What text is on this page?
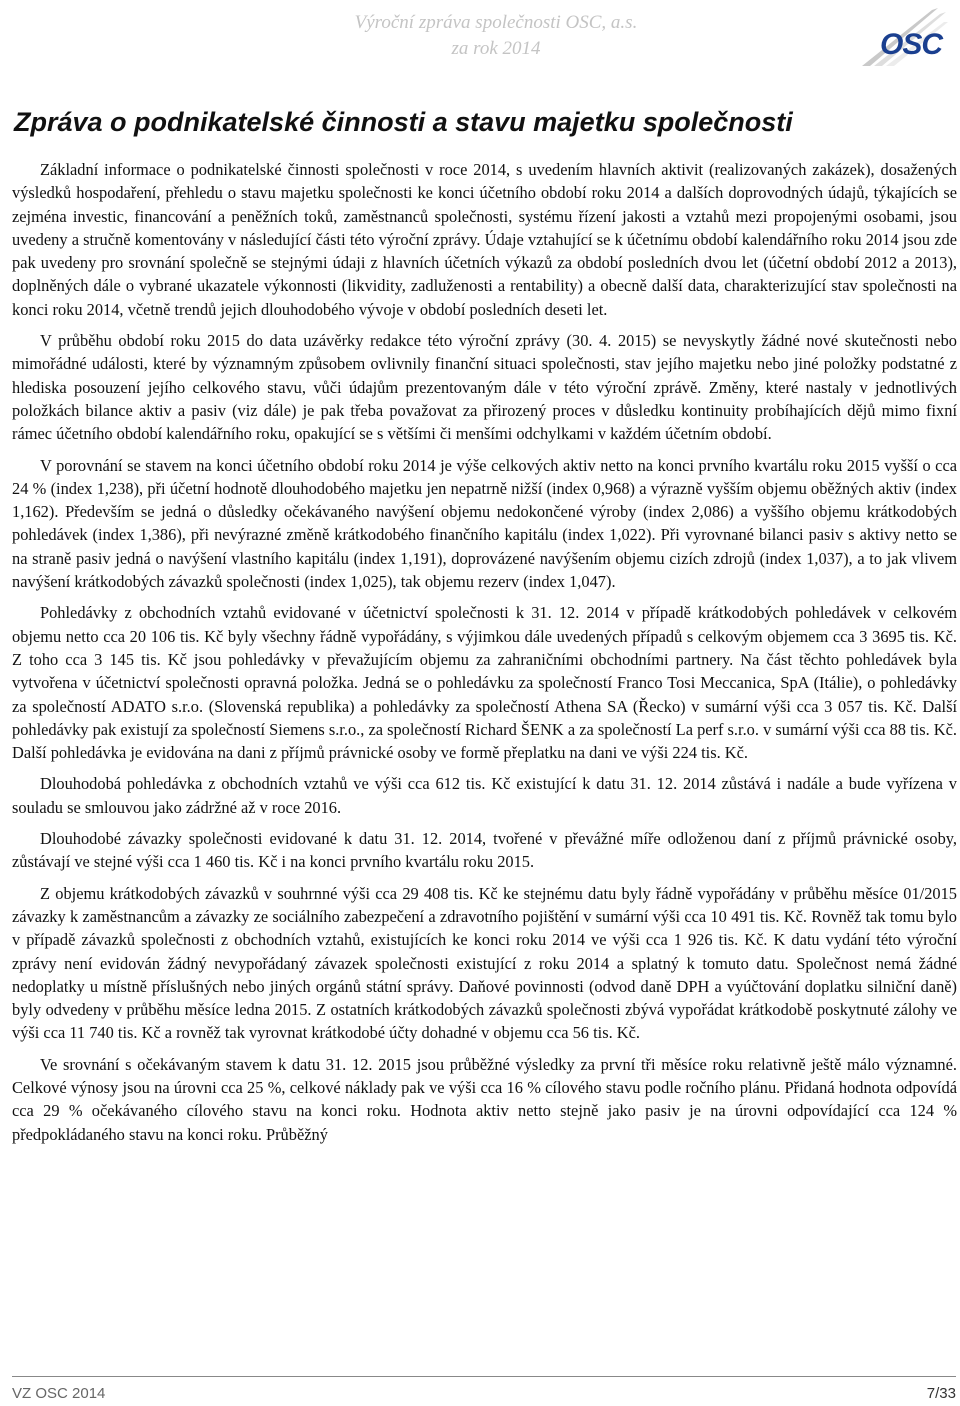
Výroční zpráva společnosti OSC, a.s.
za rok 2014	OSC
Zpráva o podnikatelské činnosti a stavu majetku společnosti

Základní informace o podnikatelské činnosti společnosti v roce 2014, s uvedením hlavních aktivit (realizovaných zakázek), dosažených výsledků hospodaření, přehledu o stavu majetku společnosti ke konci účetního období roku 2014 a dalších doprovodných údajů, týkajících se zejména investic, financování a peněžních toků, zaměstnanců společnosti, systému řízení jakosti a vztahů mezi propojenými osobami, jsou uvedeny a stručně komentovány v následující části této výroční zprávy. Údaje vztahující se k účetnímu období kalendářního roku 2014 jsou zde pak uvedeny pro srovnání společně se stejnými údaji z hlavních účetních výkazů za období posledních dvou let (účetní období 2012 a 2013), doplněných dále o vybrané ukazatele výkonnosti (likvidity, zadluženosti a rentability) a obecně další data, charakterizující stav společnosti na konci roku 2014, včetně trendů jejich dlouhodobého vývoje v období posledních deseti let.

V průběhu období roku 2015 do data uzávěrky redakce této výroční zprávy (30. 4. 2015) se nevyskytly žádné nové skutečnosti nebo mimořádné události, které by významným způsobem ovlivnily finanční situaci společnosti, stav jejího majetku nebo jiné položky podstatné z hlediska posouzení jejího celkového stavu, vůči údajům prezentovaným dále v této výroční zprávě. Změny, které nastaly v jednotlivých položkách bilance aktiv a pasiv (viz dále) je pak třeba považovat za přirozený proces v důsledku kontinuity probíhajících dějů mimo fixní rámec účetního období kalendářního roku, opakující se s většími či menšími odchylkami v každém účetním období.

V porovnání se stavem na konci účetního období roku 2014 je výše celkových aktiv netto na konci prvního kvartálu roku 2015 vyšší o cca 24 % (index 1,238), při účetní hodnotě dlouhodobého majetku jen nepatrně nižší (index 0,968) a výrazně vyšším objemu oběžných aktiv (index 1,162). Především se jedná o důsledky očekávaného navýšení objemu nedokončené výroby (index 2,086) a vyššího objemu krátkodobých pohledávek (index 1,386), při nevýrazné změně krátkodobého finančního kapitálu (index 1,022). Při vyrovnané bilanci pasiv s aktivy netto se na straně pasiv jedná o navýšení vlastního kapitálu (index 1,191), doprovázené navýšením objemu cizích zdrojů (index 1,037), a to jak vlivem navýšení krátkodobých závazků společnosti (index 1,025), tak objemu rezerv (index 1,047).

Pohledávky z obchodních vztahů evidované v účetnictví společnosti k 31. 12. 2014 v případě krátkodobých pohledávek v celkovém objemu netto cca 20 106 tis. Kč byly všechny řádně vypořádány, s výjimkou dále uvedených případů s celkovým objemem cca 3 3695 tis. Kč. Z toho cca 3 145 tis. Kč jsou pohledávky v převažujícím objemu za zahraničními obchodními partnery. Na část těchto pohledávek byla vytvořena v účetnictví společnosti opravná položka. Jedná se o pohledávku za společností Franco Tosi Meccanica, SpA (Itálie), o pohledávky za společností ADATO s.r.o. (Slovenská republika) a pohledávky za společností Athena SA (Řecko) v sumární výši cca 3 057 tis. Kč. Další pohledávky pak existují za společností Siemens s.r.o., za společností Richard ŠENK a za společností La perf s.r.o. v sumární výši cca 88 tis. Kč. Další pohledávka je evidována na dani z příjmů právnické osoby ve formě přeplatku na dani ve výši 224 tis. Kč.

Dlouhodobá pohledávka z obchodních vztahů ve výši cca 612 tis. Kč existující k datu 31. 12. 2014 zůstává i nadále a bude vyřízena v souladu se smlouvou jako zádržné až v roce 2016.

Dlouhodobé závazky společnosti evidované k datu 31. 12. 2014, tvořené v převážné míře odloženou daní z příjmů právnické osoby, zůstávají ve stejné výši cca 1 460 tis. Kč i na konci prvního kvartálu roku 2015.

Z objemu krátkodobých závazků v souhrnné výši cca 29 408 tis. Kč ke stejnému datu byly řádně vypořádány v průběhu měsíce 01/2015 závazky k zaměstnancům a závazky ze sociálního zabezpečení a zdravotního pojištění v sumární výši cca 10 491 tis. Kč. Rovněž tak tomu bylo v případě závazků společnosti z obchodních vztahů, existujících ke konci roku 2014 ve výši cca 1 926 tis. Kč. K datu vydání této výroční zprávy není evidován žádný nevypořádaný závazek společnosti existující z roku 2014 a splatný k tomuto datu. Společnost nemá žádné nedoplatky u místně příslušných nebo jiných orgánů státní správy. Daňové povinnosti (odvod daně DPH a vyúčtování doplatku silniční daně) byly odvedeny v průběhu měsíce ledna 2015. Z ostatních krátkodobých závazků společnosti zbývá vypořádat krátkodobě poskytnuté zálohy ve výši cca 11 740 tis. Kč a rovněž tak vyrovnat krátkodobé účty dohadné v objemu cca 56 tis. Kč.

Ve srovnání s očekávaným stavem k datu 31. 12. 2015 jsou průběžné výsledky za první tři měsíce roku relativně ještě málo významné. Celkové výnosy jsou na úrovni cca 25 %, celkové náklady pak ve výši cca 16 % cílového stavu podle ročního plánu. Přidaná hodnota odpovídá cca 29 % očekávaného cílového stavu na konci roku. Hodnota aktiv netto stejně jako pasiv je na úrovni odpovídající cca 124 % předpokládaného stavu na konci roku. Průběžný

VZ OSC 2014	7/33
